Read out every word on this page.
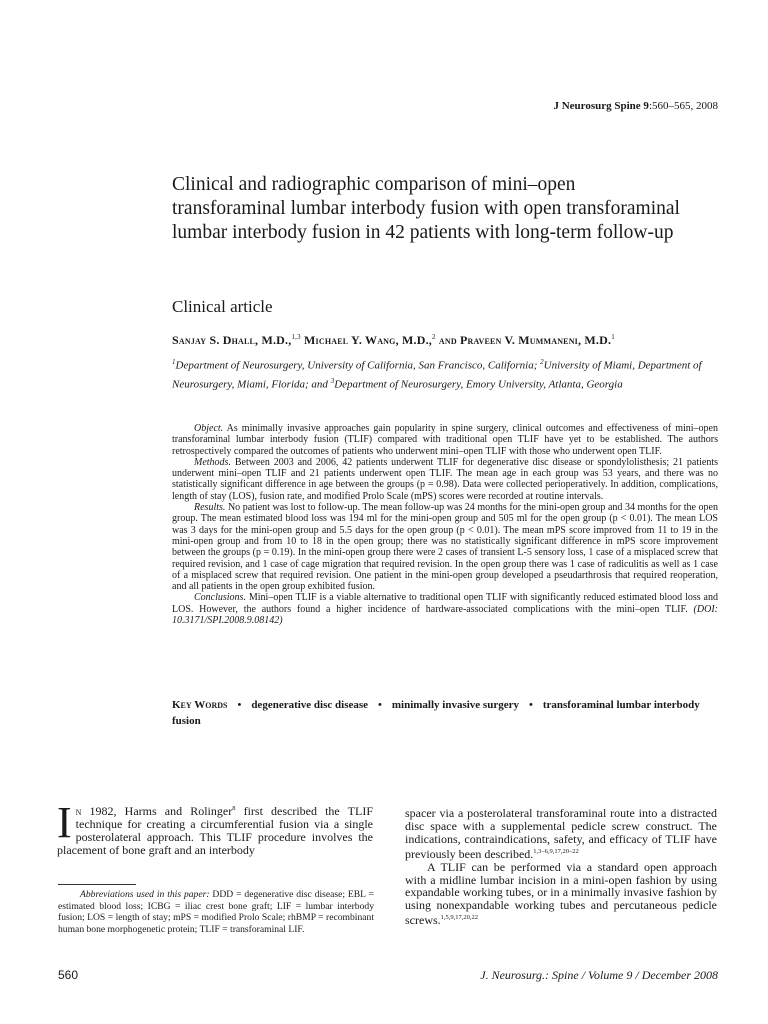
J Neurosurg Spine 9:560–565, 2008
Clinical and radiographic comparison of mini–open transforaminal lumbar interbody fusion with open transforaminal lumbar interbody fusion in 42 patients with long-term follow-up
Clinical article
Sanjay S. Dhall, M.D.,$^{1,3}$ Michael Y. Wang, M.D.,$^2$ and Praveen V. Mummaneni, M.D.$^1$
$^1$Department of Neurosurgery, University of California, San Francisco, California; $^2$University of Miami, Department of Neurosurgery, Miami, Florida; and $^3$Department of Neurosurgery, Emory University, Atlanta, Georgia

Object. As minimally invasive approaches gain popularity in spine surgery, clinical outcomes and effectiveness of mini–open transforaminal lumbar interbody fusion (TLIF) compared with traditional open TLIF have yet to be established. The authors retrospectively compared the outcomes of patients who underwent mini–open TLIF with those who underwent open TLIF.

Methods. Between 2003 and 2006, 42 patients underwent TLIF for degenerative disc disease or spondylolisthesis; 21 patients underwent mini–open TLIF and 21 patients underwent open TLIF. The mean age in each group was 53 years, and there was no statistically significant difference in age between the groups (p = 0.98). Data were collected perioperatively. In addition, complications, length of stay (LOS), fusion rate, and modified Prolo Scale (mPS) scores were recorded at routine intervals.

Results. No patient was lost to follow-up. The mean follow-up was 24 months for the mini-open group and 34 months for the open group. The mean estimated blood loss was 194 ml for the mini-open group and 505 ml for the open group (p < 0.01). The mean LOS was 3 days for the mini-open group and 5.5 days for the open group (p < 0.01). The mean mPS score improved from 11 to 19 in the mini-open group and from 10 to 18 in the open group; there was no statistically significant difference in mPS score improvement between the groups (p = 0.19). In the mini-open group there were 2 cases of transient L-5 sensory loss, 1 case of a misplaced screw that required revision, and 1 case of cage migration that required revision. In the open group there was 1 case of radiculitis as well as 1 case of a misplaced screw that required revision. One patient in the mini-open group developed a pseudarthrosis that required reoperation, and all patients in the open group exhibited fusion.

Conclusions. Mini–open TLIF is a viable alternative to traditional open TLIF with significantly reduced estimated blood loss and LOS. However, the authors found a higher incidence of hardware-associated complications with the mini–open TLIF. (DOI: 10.3171/SPI.2008.9.08142)

Key Words • degenerative disc disease • minimally invasive surgery • transforaminal lumbar interbody fusion
In 1982, Harms and Rolinger$^8$ first described the TLIF technique for creating a circumferential fusion via a single posterolateral approach. This TLIF procedure involves the placement of bone graft and an interbody

spacer via a posterolateral transforaminal route into a distracted disc space with a supplemental pedicle screw construct. The indications, contraindications, safety, and efficacy of TLIF have previously been described.$^{1,3-6,9,17,20-22}$

A TLIF can be performed via a standard open approach with a midline lumbar incision in a mini-open fashion by using expandable working tubes, or in a minimally invasive fashion by using nonexpandable working tubes and percutaneous pedicle screws.$^{1,5,9,17,20,22}$

Abbreviations used in this paper: DDD = degenerative disc disease; EBL = estimated blood loss; ICBG = iliac crest bone graft; LIF = lumbar interbody fusion; LOS = length of stay; mPS = modified Prolo Scale; rhBMP = recombinant human bone morphogenetic protein; TLIF = transforaminal LIF.

560	J. Neurosurg.: Spine / Volume 9 / December 2008
